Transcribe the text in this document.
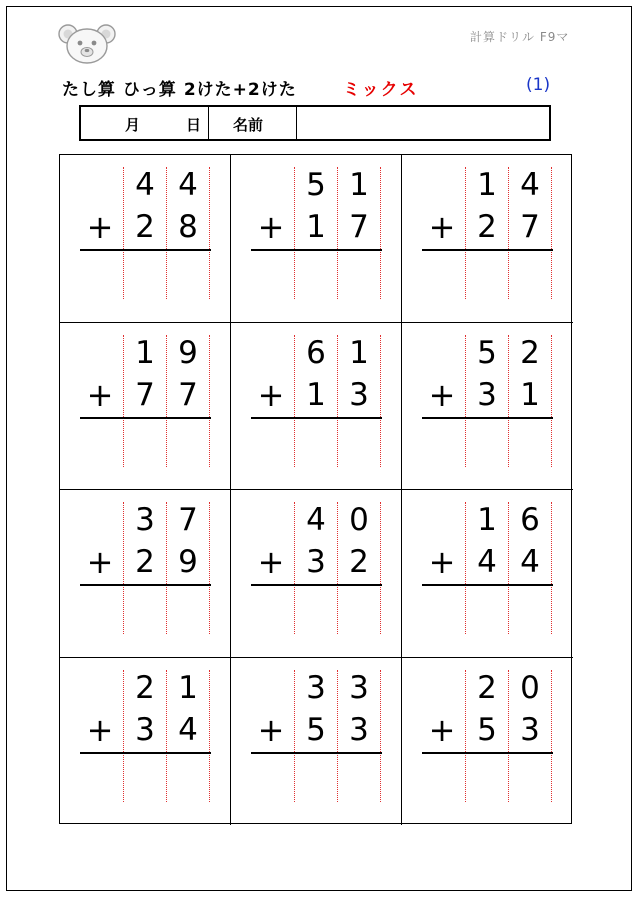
計算ドリル F9マ
たし算 ひっ算 2けた+2けた	ミックス	(1)
月	日 名前
4 4
+ 2 8
5 1
+ 1 7
1 4
+ 2 7
1 9
+ 7 7
6 1
+ 1 3
5 2
+ 3 1
3 7
+ 2 9
4 0
+ 3 2
1 6
+ 4 4
2 1
+ 3 4
3 3
+ 5 3
2 0
+ 5 3
